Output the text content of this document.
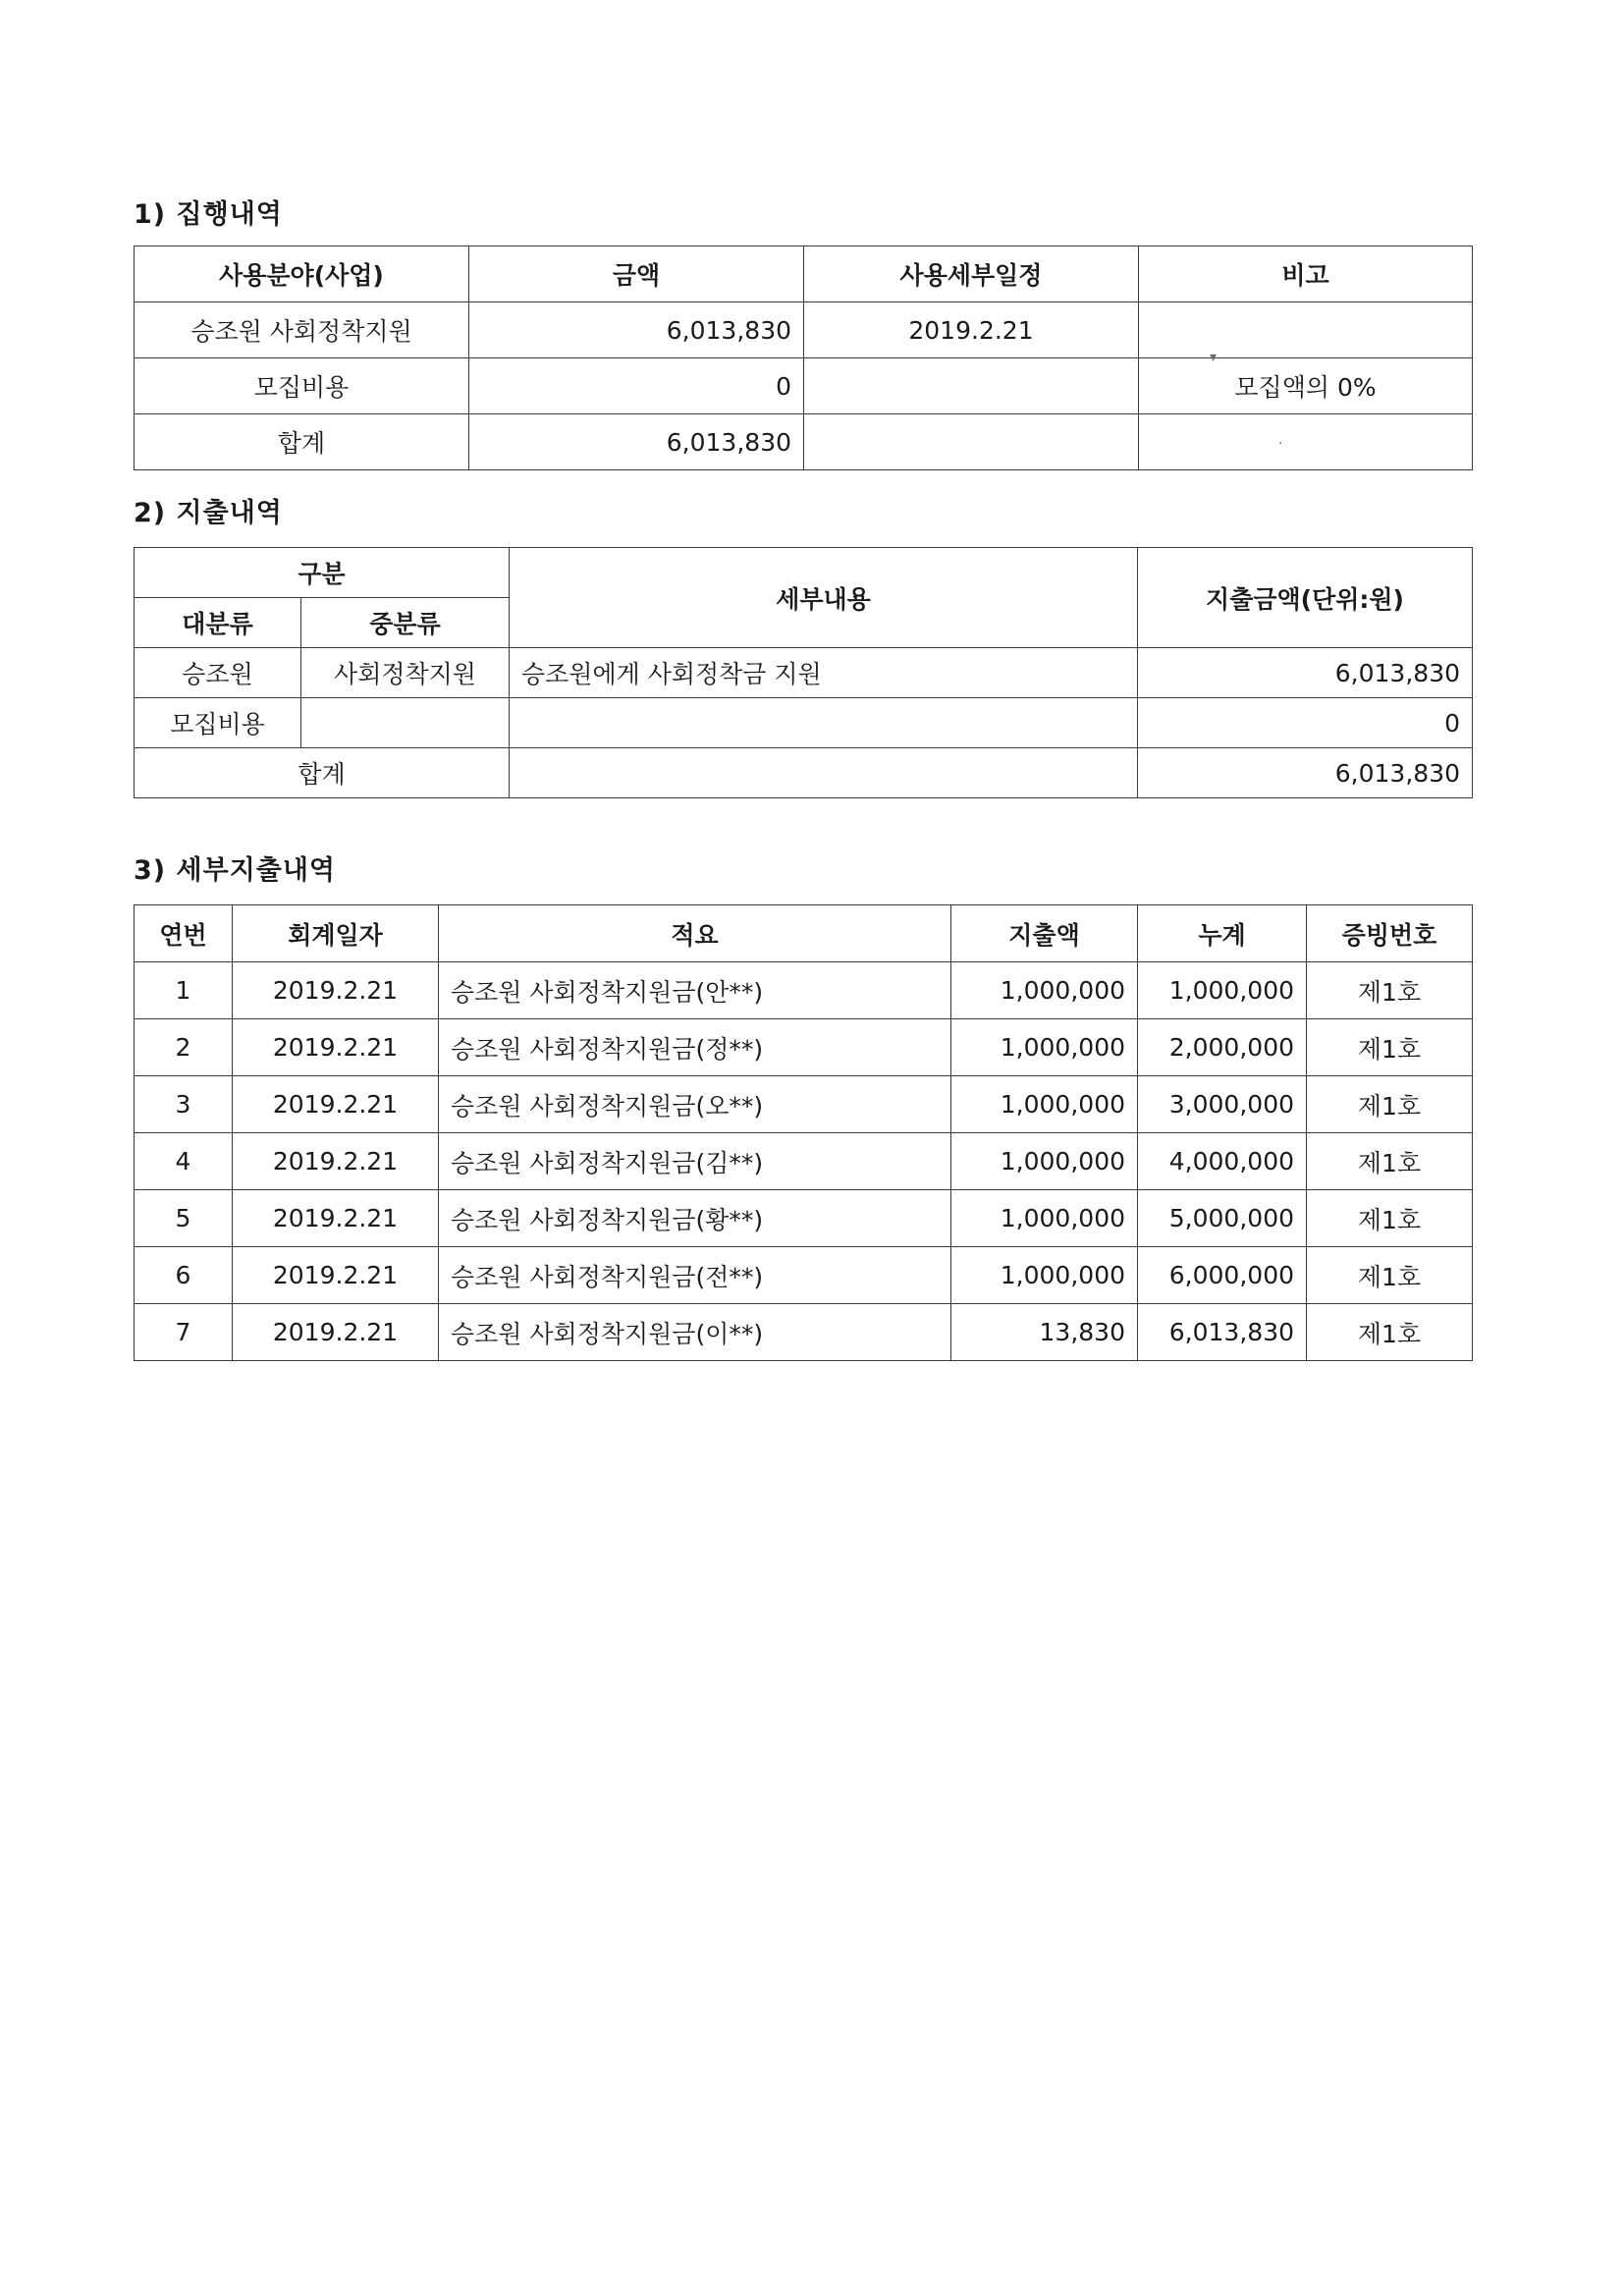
1) 집행내역
사용분야(사업)	금액	사용세부일정	비고
승조원 사회정착지원	6,013,830	2019.2.21	
모집비용	0		모집액의 0%
합계	6,013,830		
2) 지출내역
구분		세부내용	지출금액(단위:원)
대분류	중분류		
승조원	사회정착지원	승조원에게 사회정착금 지원	6,013,830
모집비용			0
합계			6,013,830
3) 세부지출내역
연번	회계일자	적요	지출액	누계	증빙번호
1	2019.2.21	승조원 사회정착지원금(안**)	1,000,000	1,000,000	제1호
2	2019.2.21	승조원 사회정착지원금(정**)	1,000,000	2,000,000	제1호
3	2019.2.21	승조원 사회정착지원금(오**)	1,000,000	3,000,000	제1호
4	2019.2.21	승조원 사회정착지원금(김**)	1,000,000	4,000,000	제1호
5	2019.2.21	승조원 사회정착지원금(황**)	1,000,000	5,000,000	제1호
6	2019.2.21	승조원 사회정착지원금(전**)	1,000,000	6,000,000	제1호
7	2019.2.21	승조원 사회정착지원금(이**)	13,830	6,013,830	제1호
▾
·
